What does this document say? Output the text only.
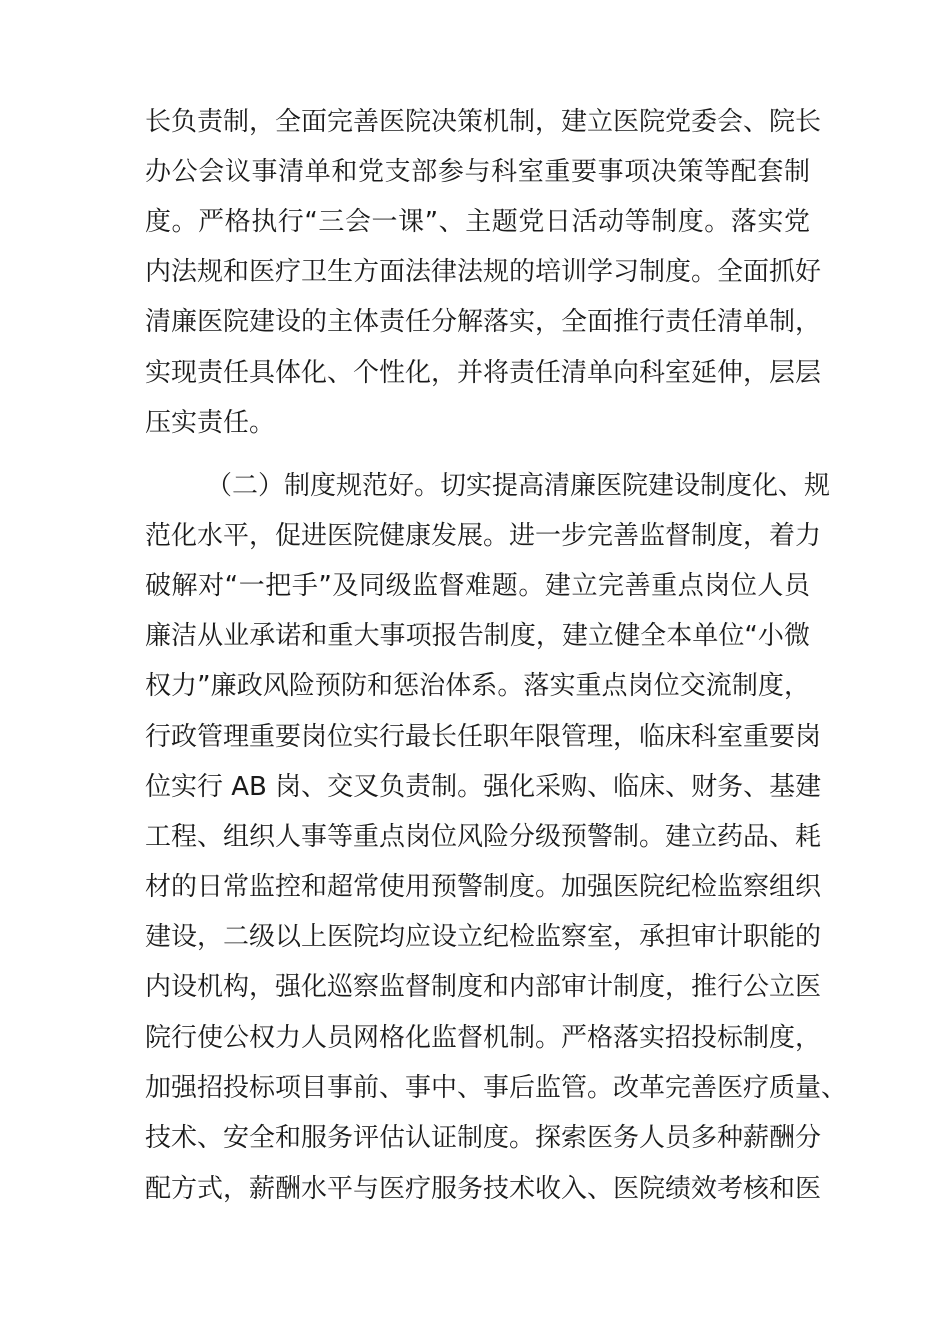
长负责制，全面完善医院决策机制，建立医院党委会、院长
办公会议事清单和党支部参与科室重要事项决策等配套制
度。严格执行“三会一课”、主题党日活动等制度。落实党
内法规和医疗卫生方面法律法规的培训学习制度。全面抓好
清廉医院建设的主体责任分解落实，全面推行责任清单制，
实现责任具体化、个性化，并将责任清单向科室延伸，层层
压实责任。
（二）制度规范好。切实提高清廉医院建设制度化、规
范化水平，促进医院健康发展。进一步完善监督制度，着力
破解对“一把手”及同级监督难题。建立完善重点岗位人员
廉洁从业承诺和重大事项报告制度，建立健全本单位“小微
权力”廉政风险预防和惩治体系。落实重点岗位交流制度，
行政管理重要岗位实行最长任职年限管理，临床科室重要岗
位实行 AB 岗、交叉负责制。强化采购、临床、财务、基建
工程、组织人事等重点岗位风险分级预警制。建立药品、耗
材的日常监控和超常使用预警制度。加强医院纪检监察组织
建设，二级以上医院均应设立纪检监察室，承担审计职能的
内设机构，强化巡察监督制度和内部审计制度，推行公立医
院行使公权力人员网格化监督机制。严格落实招投标制度，
加强招投标项目事前、事中、事后监管。改革完善医疗质量、
技术、安全和服务评估认证制度。探索医务人员多种薪酬分
配方式，薪酬水平与医疗服务技术收入、医院绩效考核和医
